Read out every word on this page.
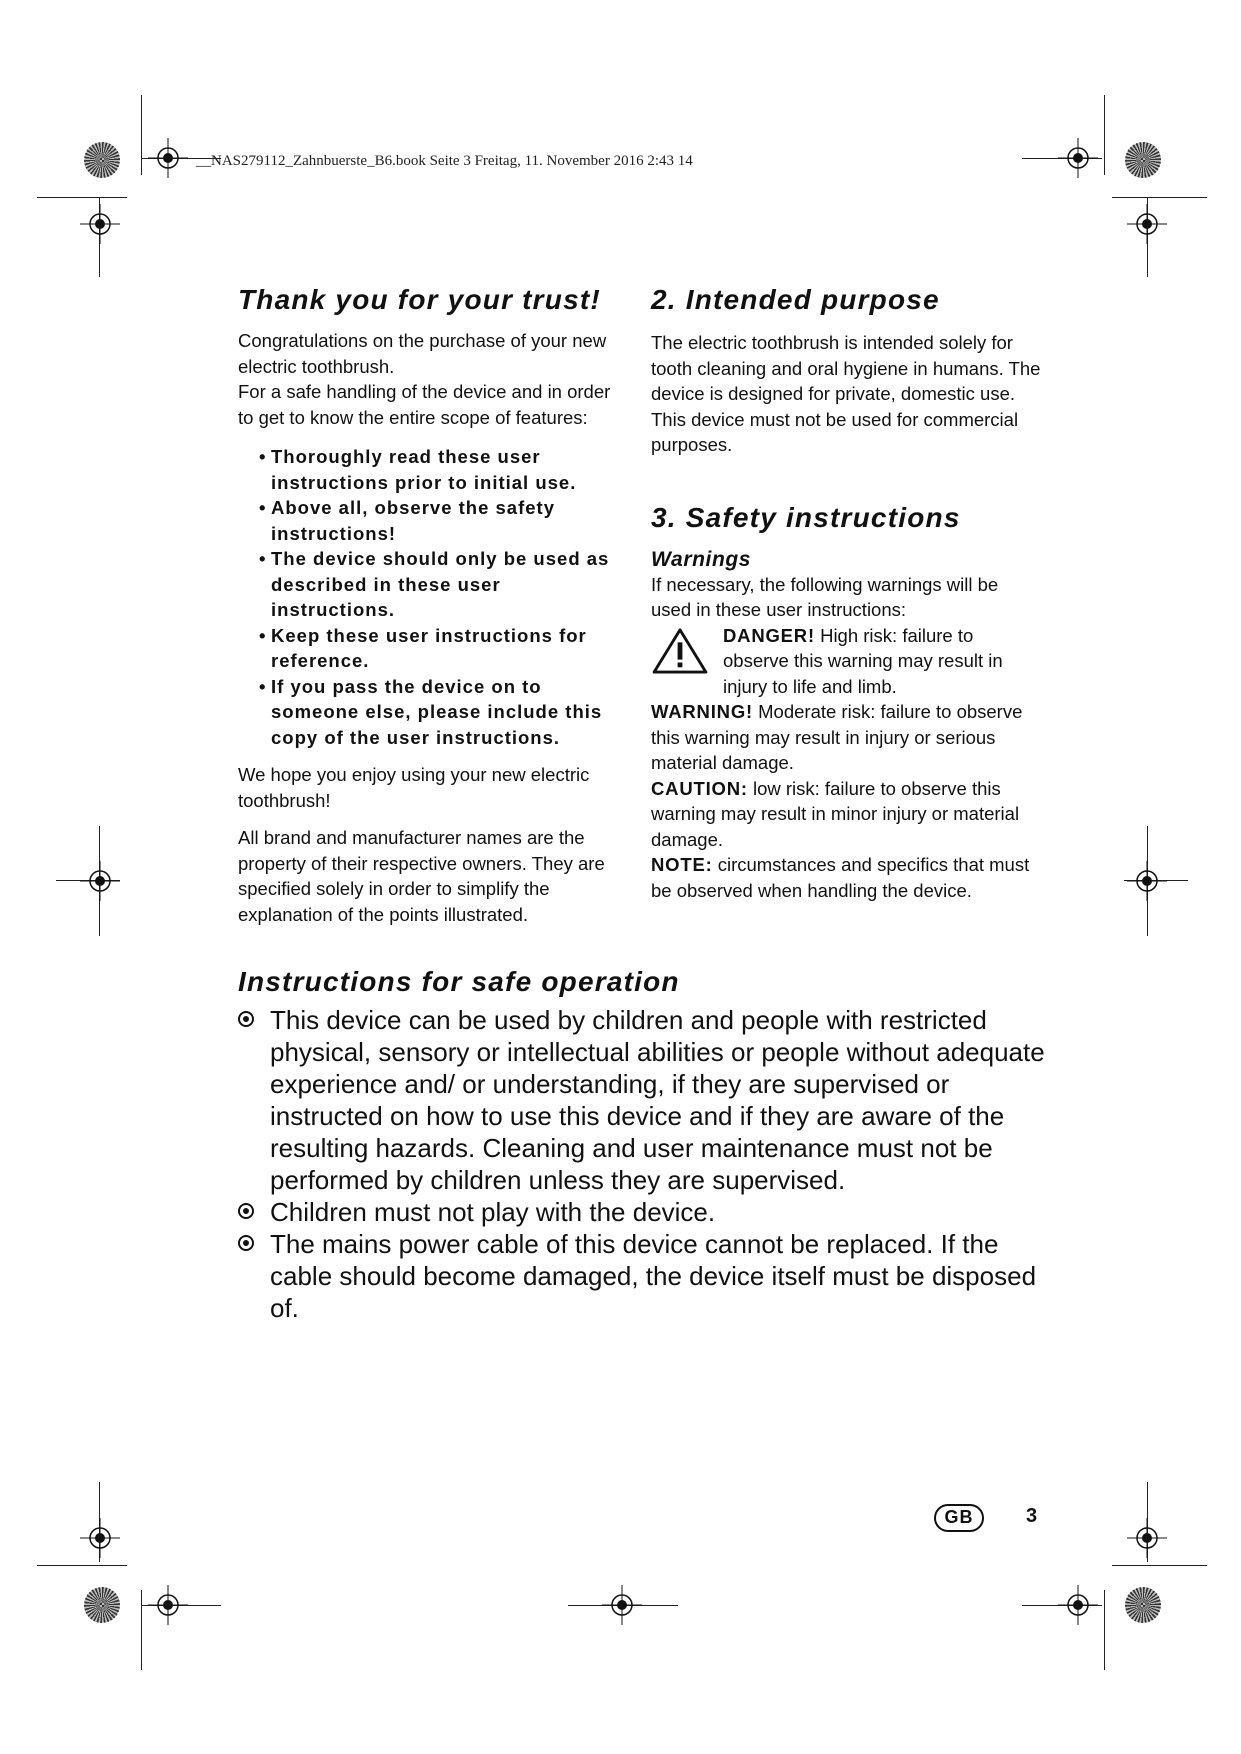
__NAS279112_Zahnbuerste_B6.book Seite 3 Freitag, 11. November 2016 2:43 14
Thank you for your trust!

Congratulations on the purchase of your new electric toothbrush.

For a safe handling of the device and in order to get to know the entire scope of features:

• Thoroughly read these user instructions prior to initial use.
• Above all, observe the safety instructions!
• The device should only be used as described in these user instructions.
• Keep these user instructions for reference.
• If you pass the device on to someone else, please include this copy of the user instructions.

We hope you enjoy using your new electric toothbrush!

All brand and manufacturer names are the property of their respective owners. They are specified solely in order to simplify the explanation of the points illustrated.

2. Intended purpose

The electric toothbrush is intended solely for tooth cleaning and oral hygiene in humans. The device is designed for private, domestic use. This device must not be used for commercial purposes.

3. Safety instructions
Warnings

If necessary, the following warnings will be used in these user instructions:

DANGER! High risk: failure to observe this warning may result in injury to life and limb.
WARNING! Moderate risk: failure to observe this warning may result in injury or serious material damage.
CAUTION: low risk: failure to observe this warning may result in minor injury or material damage.
NOTE: circumstances and specifics that must be observed when handling the device.
Instructions for safe operation
This device can be used by children and people with restricted physical, sensory or intellectual abilities or people without adequate experience and/ or understanding, if they are supervised or instructed on how to use this device and if they are aware of the resulting hazards. Cleaning and user maintenance must not be performed by children unless they are supervised.
Children must not play with the device.
The mains power cable of this device cannot be replaced. If the cable should become damaged, the device itself must be disposed of.
GB	3
